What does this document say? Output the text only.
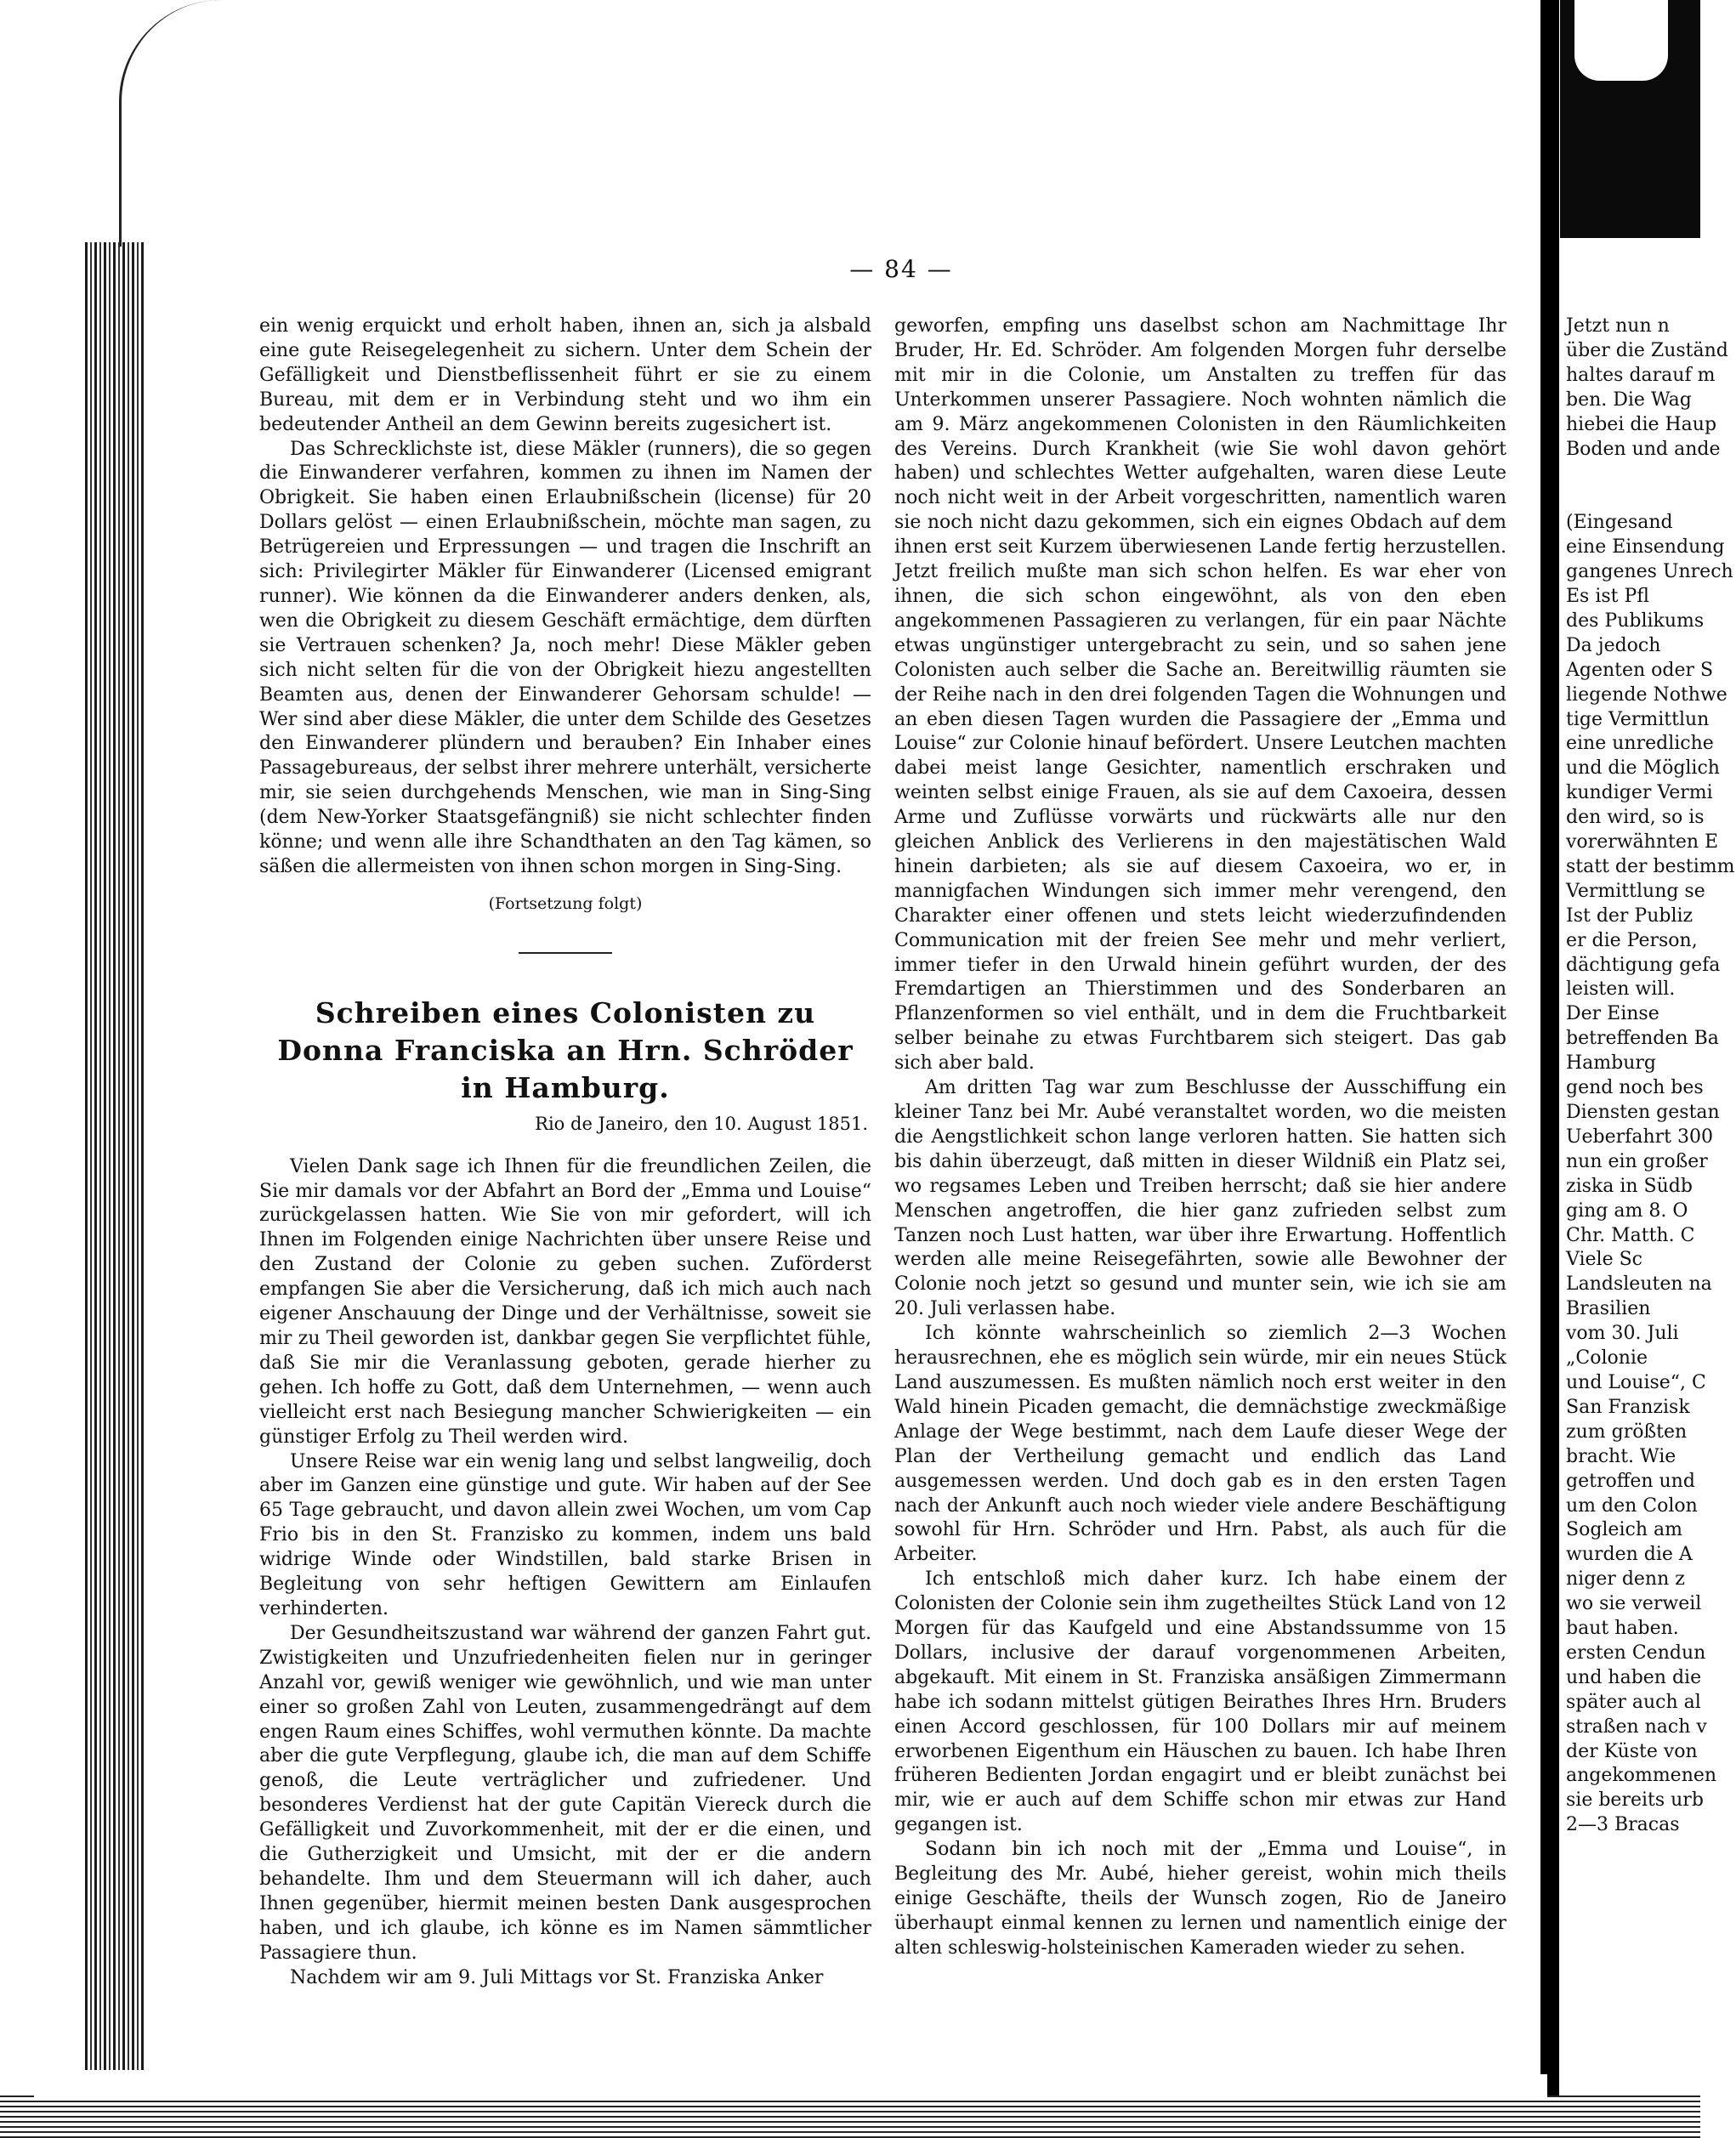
— 84 —

ein wenig erquickt und erholt haben, ihnen an, sich ja alsbald eine gute Reisegelegenheit zu sichern. Unter dem Schein der Gefälligkeit und Dienstbeflissenheit führt er sie zu einem Bureau, mit dem er in Verbindung steht und wo ihm ein bedeutender Antheil an dem Gewinn bereits zugesichert ist.

Das Schrecklichste ist, diese Mäkler (runners), die so gegen die Einwanderer verfahren, kommen zu ihnen im Namen der Obrigkeit. Sie haben einen Erlaubnißschein (license) für 20 Dollars gelöst — einen Erlaubnißschein, möchte man sagen, zu Betrügereien und Erpressungen — und tragen die Inschrift an sich: Privilegirter Mäkler für Einwanderer (Licensed emigrant runner). Wie können da die Einwanderer anders denken, als, wen die Obrigkeit zu diesem Geschäft ermächtige, dem dürften sie Vertrauen schenken? Ja, noch mehr! Diese Mäkler geben sich nicht selten für die von der Obrigkeit hiezu angestellten Beamten aus, denen der Einwanderer Gehorsam schulde! — Wer sind aber diese Mäkler, die unter dem Schilde des Gesetzes den Einwanderer plündern und berauben? Ein Inhaber eines Passagebureaus, der selbst ihrer mehrere unterhält, versicherte mir, sie seien durchgehends Menschen, wie man in Sing-Sing (dem New-Yorker Staatsgefängniß) sie nicht schlechter finden könne; und wenn alle ihre Schandthaten an den Tag kämen, so säßen die allermeisten von ihnen schon morgen in Sing-Sing.

(Fortsetzung folgt)
Schreiben eines Colonisten zu Donna Franciska an Hrn. Schröder in Hamburg.
Rio de Janeiro, den 10. August 1851.

Vielen Dank sage ich Ihnen für die freundlichen Zeilen, die Sie mir damals vor der Abfahrt an Bord der „Emma und Louise“ zurückgelassen hatten. Wie Sie von mir gefordert, will ich Ihnen im Folgenden einige Nachrichten über unsere Reise und den Zustand der Colonie zu geben suchen. Zuförderst empfangen Sie aber die Versicherung, daß ich mich auch nach eigener Anschauung der Dinge und der Verhältnisse, soweit sie mir zu Theil geworden ist, dankbar gegen Sie verpflichtet fühle, daß Sie mir die Veranlassung geboten, gerade hierher zu gehen. Ich hoffe zu Gott, daß dem Unternehmen, — wenn auch vielleicht erst nach Besiegung mancher Schwierigkeiten — ein günstiger Erfolg zu Theil werden wird.

Unsere Reise war ein wenig lang und selbst langweilig, doch aber im Ganzen eine günstige und gute. Wir haben auf der See 65 Tage gebraucht, und davon allein zwei Wochen, um vom Cap Frio bis in den St. Franzisko zu kommen, indem uns bald widrige Winde oder Windstillen, bald starke Brisen in Begleitung von sehr heftigen Gewittern am Einlaufen verhinderten.

Der Gesundheitszustand war während der ganzen Fahrt gut. Zwistigkeiten und Unzufriedenheiten fielen nur in geringer Anzahl vor, gewiß weniger wie gewöhnlich, und wie man unter einer so großen Zahl von Leuten, zusammengedrängt auf dem engen Raum eines Schiffes, wohl vermuthen könnte. Da machte aber die gute Verpflegung, glaube ich, die man auf dem Schiffe genoß, die Leute verträglicher und zufriedener. Und besonderes Verdienst hat der gute Capitän Viereck durch die Gefälligkeit und Zuvorkommenheit, mit der er die einen, und die Gutherzigkeit und Umsicht, mit der er die andern behandelte. Ihm und dem Steuermann will ich daher, auch Ihnen gegenüber, hiermit meinen besten Dank ausgesprochen haben, und ich glaube, ich könne es im Namen sämmtlicher Passagiere thun.

Nachdem wir am 9. Juli Mittags vor St. Franziska Anker

geworfen, empfing uns daselbst schon am Nachmittage Ihr Bruder, Hr. Ed. Schröder. Am folgenden Morgen fuhr derselbe mit mir in die Colonie, um Anstalten zu treffen für das Unterkommen unserer Passagiere. Noch wohnten nämlich die am 9. März angekommenen Colonisten in den Räumlichkeiten des Vereins. Durch Krankheit (wie Sie wohl davon gehört haben) und schlechtes Wetter aufgehalten, waren diese Leute noch nicht weit in der Arbeit vorgeschritten, namentlich waren sie noch nicht dazu gekommen, sich ein eignes Obdach auf dem ihnen erst seit Kurzem überwiesenen Lande fertig herzustellen. Jetzt freilich mußte man sich schon helfen. Es war eher von ihnen, die sich schon eingewöhnt, als von den eben angekommenen Passagieren zu verlangen, für ein paar Nächte etwas ungünstiger untergebracht zu sein, und so sahen jene Colonisten auch selber die Sache an. Bereitwillig räumten sie der Reihe nach in den drei folgenden Tagen die Wohnungen und an eben diesen Tagen wurden die Passagiere der „Emma und Louise“ zur Colonie hinauf befördert. Unsere Leutchen machten dabei meist lange Gesichter, namentlich erschraken und weinten selbst einige Frauen, als sie auf dem Caxoeira, dessen Arme und Zuflüsse vorwärts und rückwärts alle nur den gleichen Anblick des Verlierens in den majestätischen Wald hinein darbieten; als sie auf diesem Caxoeira, wo er, in mannigfachen Windungen sich immer mehr verengend, den Charakter einer offenen und stets leicht wiederzufindenden Communication mit der freien See mehr und mehr verliert, immer tiefer in den Urwald hinein geführt wurden, der des Fremdartigen an Thierstimmen und des Sonderbaren an Pflanzenformen so viel enthält, und in dem die Fruchtbarkeit selber beinahe zu etwas Furchtbarem sich steigert. Das gab sich aber bald.

Am dritten Tag war zum Beschlusse der Ausschiffung ein kleiner Tanz bei Mr. Aubé veranstaltet worden, wo die meisten die Aengstlichkeit schon lange verloren hatten. Sie hatten sich bis dahin überzeugt, daß mitten in dieser Wildniß ein Platz sei, wo regsames Leben und Treiben herrscht; daß sie hier andere Menschen angetroffen, die hier ganz zufrieden selbst zum Tanzen noch Lust hatten, war über ihre Erwartung. Hoffentlich werden alle meine Reisegefährten, sowie alle Bewohner der Colonie noch jetzt so gesund und munter sein, wie ich sie am 20. Juli verlassen habe.

Ich könnte wahrscheinlich so ziemlich 2—3 Wochen herausrechnen, ehe es möglich sein würde, mir ein neues Stück Land auszumessen. Es mußten nämlich noch erst weiter in den Wald hinein Picaden gemacht, die demnächstige zweckmäßige Anlage der Wege bestimmt, nach dem Laufe dieser Wege der Plan der Vertheilung gemacht und endlich das Land ausgemessen werden. Und doch gab es in den ersten Tagen nach der Ankunft auch noch wieder viele andere Beschäftigung sowohl für Hrn. Schröder und Hrn. Pabst, als auch für die Arbeiter.

Ich entschloß mich daher kurz. Ich habe einem der Colonisten der Colonie sein ihm zugetheiltes Stück Land von 12 Morgen für das Kaufgeld und eine Abstandssumme von 15 Dollars, inclusive der darauf vorgenommenen Arbeiten, abgekauft. Mit einem in St. Franziska ansäßigen Zimmermann habe ich sodann mittelst gütigen Beirathes Ihres Hrn. Bruders einen Accord geschlossen, für 100 Dollars mir auf meinem erworbenen Eigenthum ein Häuschen zu bauen. Ich habe Ihren früheren Bedienten Jordan engagirt und er bleibt zunächst bei mir, wie er auch auf dem Schiffe schon mir etwas zur Hand gegangen ist.

Sodann bin ich noch mit der „Emma und Louise“, in Begleitung des Mr. Aubé, hieher gereist, wohin mich theils einige Geschäfte, theils der Wunsch zogen, Rio de Janeiro überhaupt einmal kennen zu lernen und namentlich einige der alten schleswig-holsteinischen Kameraden wieder zu sehen.

Jetzt nun n

über die Zuständ

haltes darauf m

ben. Die Wag

hiebei die Haup

Boden und ande

(Eingesand

eine Einsendung

gangenes Unrech

Es ist Pfl

des Publikums

Da jedoch

Agenten oder S

liegende Nothwe

tige Vermittlun

eine unredliche

und die Möglich

kundiger Vermi

den wird, so is

vorerwähnten E

statt der bestimm

Vermittlung se

Ist der Publiz

er die Person,

dächtigung gefa

leisten will.

Der Einse

betreffenden Ba

Hamburg

gend noch bes

Diensten gestan

Ueberfahrt 300

nun ein großer

ziska in Südb

ging am 8. O

Chr. Matth. C

Viele Sc

Landsleuten na

Brasilien

vom 30. Juli

„Colonie

und Louise“, C

San Franzisk

zum größten

bracht. Wie

getroffen und

um den Colon

Sogleich am

wurden die A

niger denn z

wo sie verweil

baut haben.

ersten Cendun

und haben die

später auch al

straßen nach v

der Küste von

angekommenen

sie bereits urb

2—3 Bracas
